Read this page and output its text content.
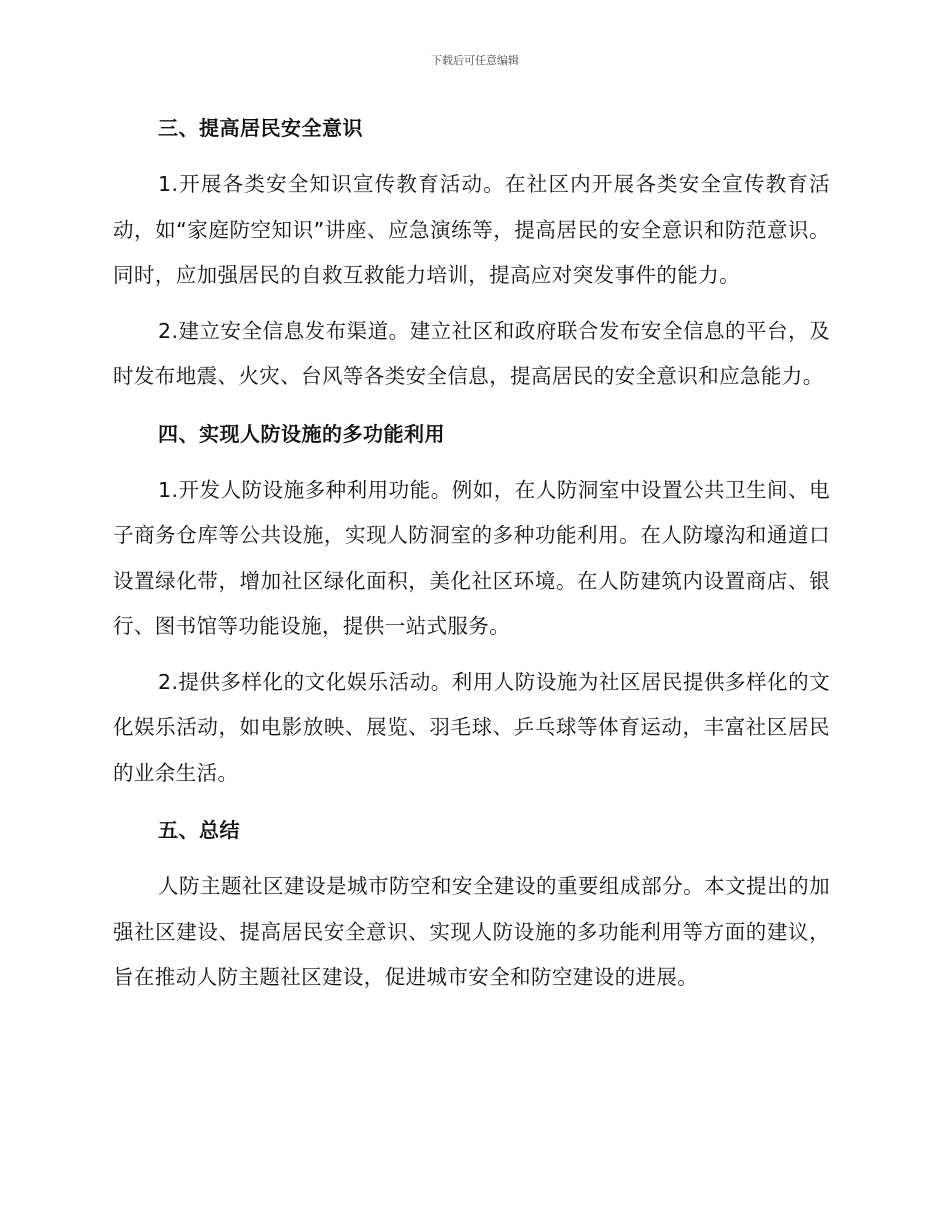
下载后可任意编辑
三、提高居民安全意识

1.开展各类安全知识宣传教育活动。在社区内开展各类安全宣传教育活动，如“家庭防空知识”讲座、应急演练等，提高居民的安全意识和防范意识。同时，应加强居民的自救互救能力培训，提高应对突发事件的能力。

2.建立安全信息发布渠道。建立社区和政府联合发布安全信息的平台，及时发布地震、火灾、台风等各类安全信息，提高居民的安全意识和应急能力。

四、实现人防设施的多功能利用

1.开发人防设施多种利用功能。例如，在人防洞室中设置公共卫生间、电子商务仓库等公共设施，实现人防洞室的多种功能利用。在人防壕沟和通道口设置绿化带，增加社区绿化面积，美化社区环境。在人防建筑内设置商店、银行、图书馆等功能设施，提供一站式服务。

2.提供多样化的文化娱乐活动。利用人防设施为社区居民提供多样化的文化娱乐活动，如电影放映、展览、羽毛球、乒乓球等体育运动，丰富社区居民的业余生活。

五、总结

人防主题社区建设是城市防空和安全建设的重要组成部分。本文提出的加强社区建设、提高居民安全意识、实现人防设施的多功能利用等方面的建议，旨在推动人防主题社区建设，促进城市安全和防空建设的进展。
